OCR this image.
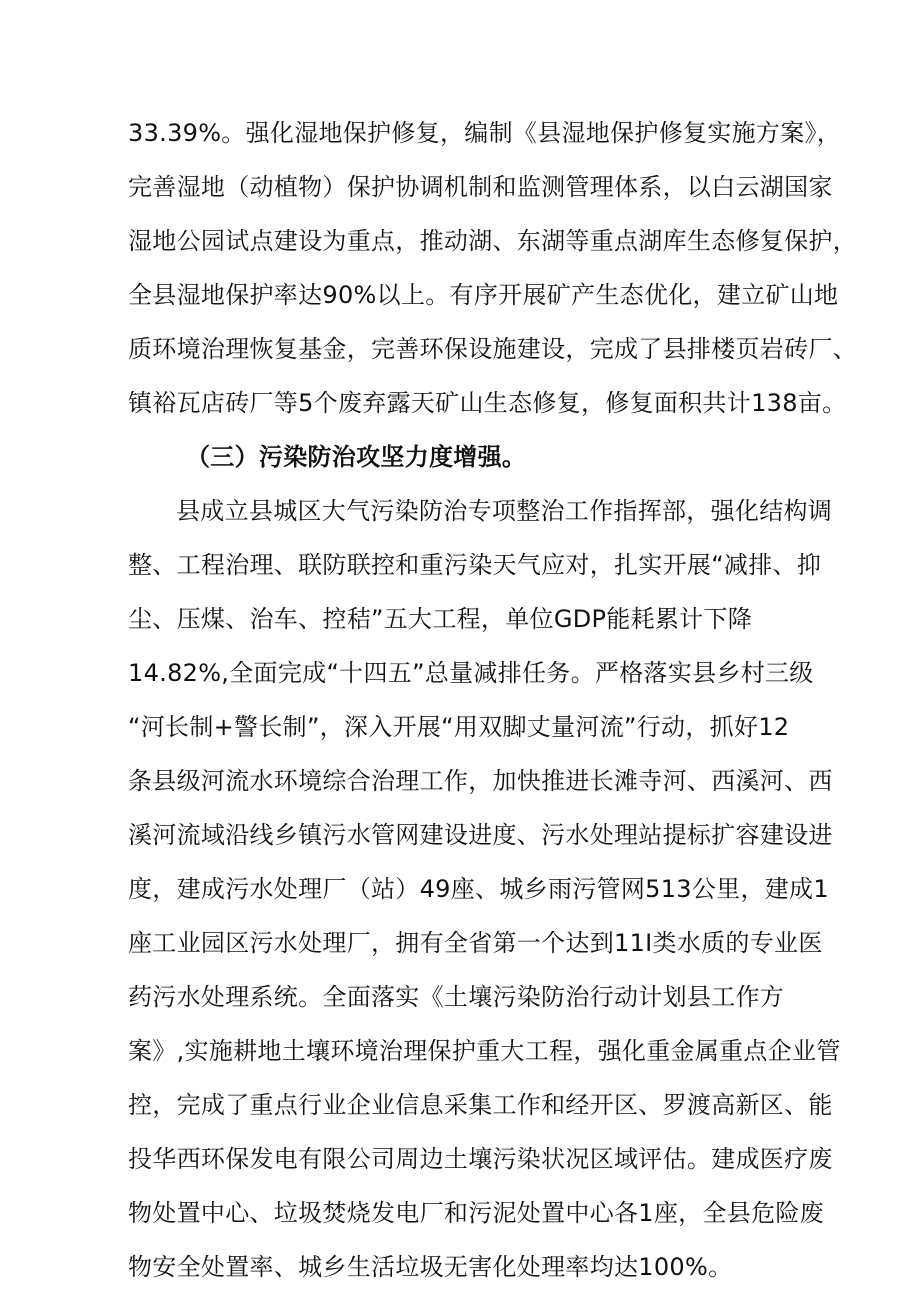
33.39%。强化湿地保护修复，编制《县湿地保护修复实施方案》，
完善湿地（动植物）保护协调机制和监测管理体系，以白云湖国家
湿地公园试点建设为重点，推动湖、东湖等重点湖库生态修复保护，
全县湿地保护率达90%以上。有序开展矿产生态优化，建立矿山地
质环境治理恢复基金，完善环保设施建设，完成了县排楼页岩砖厂、
镇裕瓦店砖厂等5个废弃露天矿山生态修复，修复面积共计138亩。
（三）污染防治攻坚力度增强。
县成立县城区大气污染防治专项整治工作指挥部，强化结构调
整、工程治理、联防联控和重污染天气应对，扎实开展“减排、抑
尘、压煤、治车、控秸”五大工程，单位GDP能耗累计下降
14.82%,全面完成“十四五”总量减排任务。严格落实县乡村三级
“河长制+警长制”，深入开展“用双脚丈量河流”行动，抓好12
条县级河流水环境综合治理工作，加快推进长滩寺河、西溪河、西
溪河流域沿线乡镇污水管网建设进度、污水处理站提标扩容建设进
度，建成污水处理厂（站）49座、城乡雨污管网513公里，建成1
座工业园区污水处理厂，拥有全省第一个达到11I类水质的专业医
药污水处理系统。全面落实《土壤污染防治行动计划县工作方
案》,实施耕地土壤环境治理保护重大工程，强化重金属重点企业管
控，完成了重点行业企业信息采集工作和经开区、罗渡高新区、能
投华西环保发电有限公司周边土壤污染状况区域评估。建成医疗废
物处置中心、垃圾焚烧发电厂和污泥处置中心各1座，全县危险废
物安全处置率、城乡生活垃圾无害化处理率均达100%。
